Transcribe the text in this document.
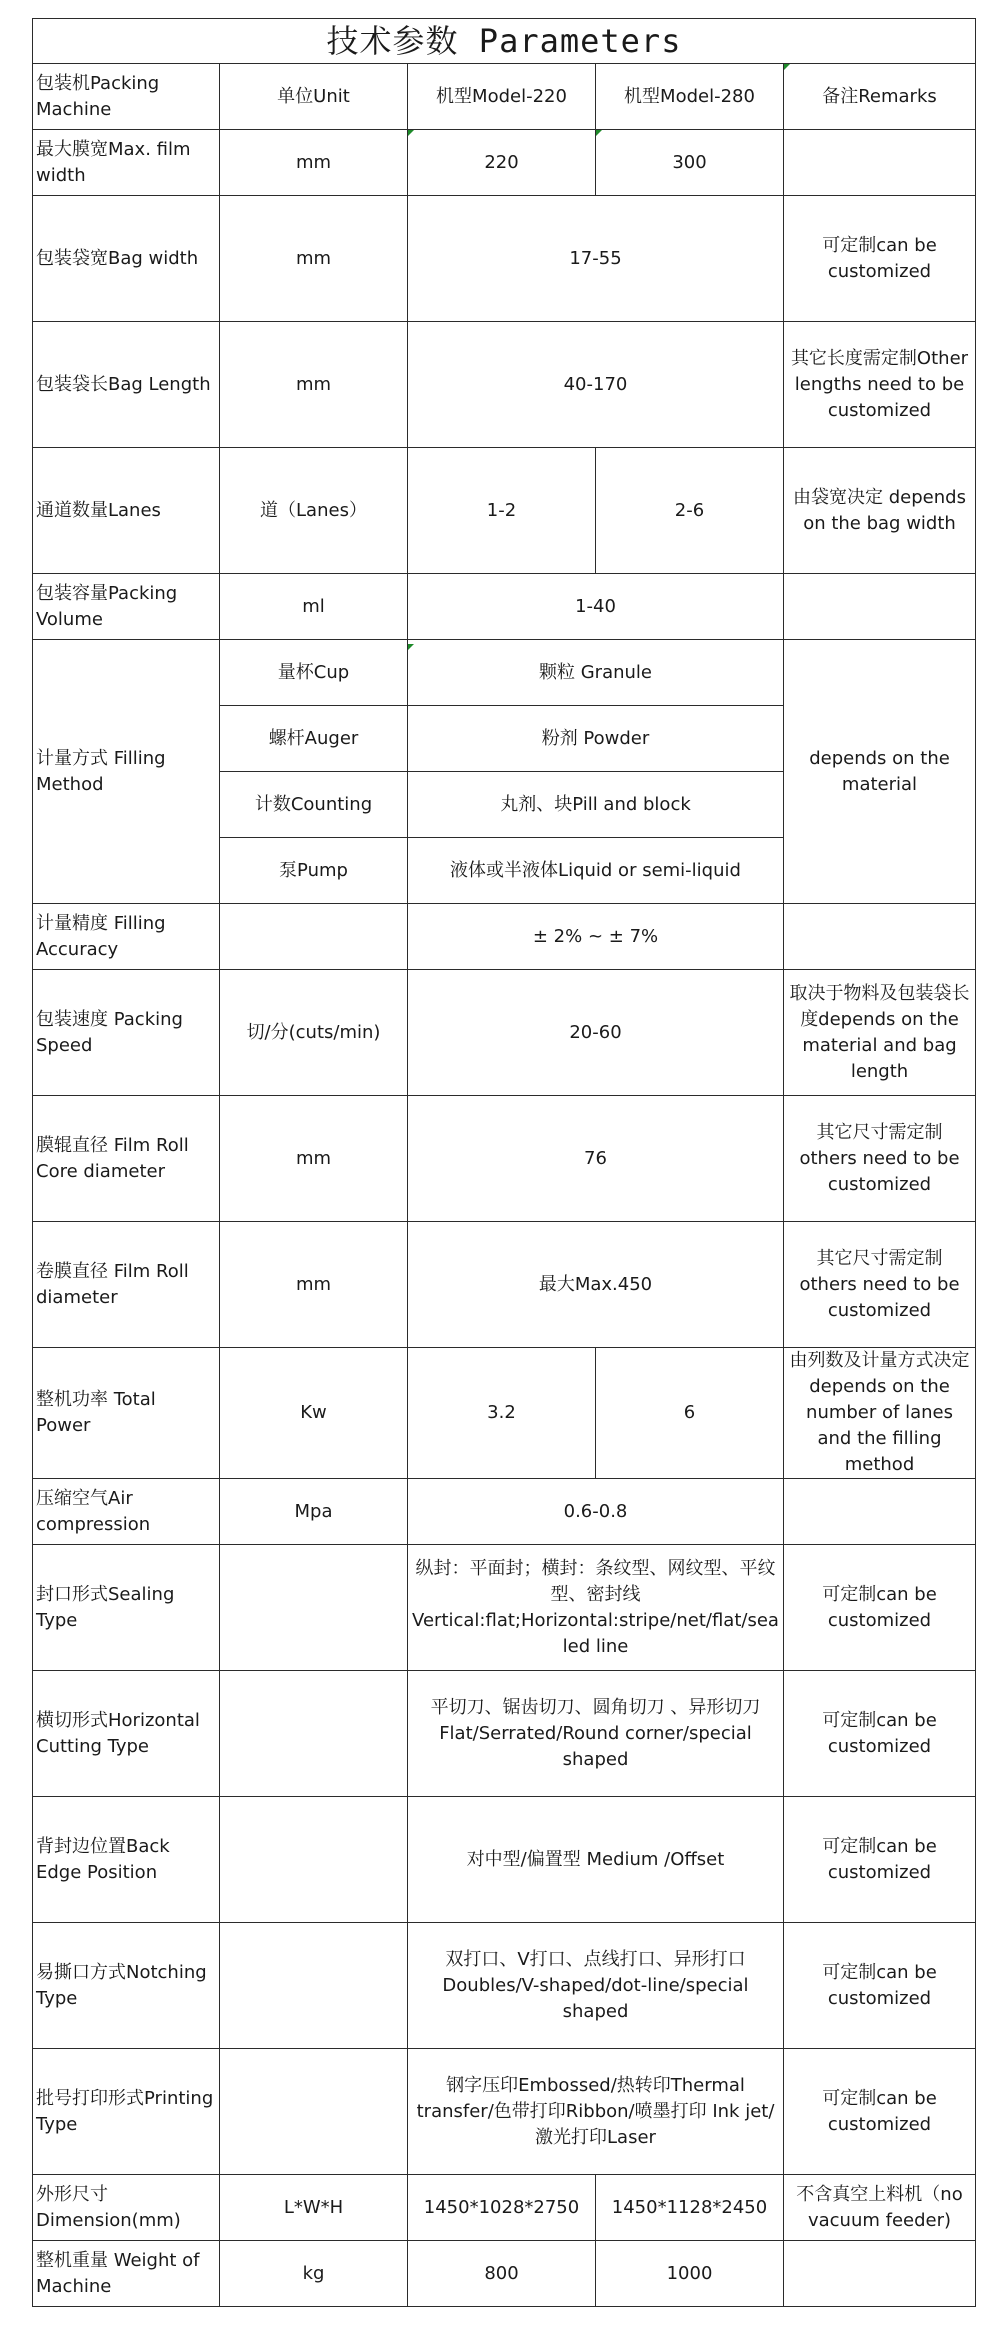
技术参数 Parameters				
包装机Packing Machine	单位Unit	机型Model-220	机型Model-280	备注Remarks
最大膜宽Max. film width	mm	220	300	
包装袋宽Bag width	mm	17-55		可定制can be customized
包装袋长Bag Length	mm	40-170		其它长度需定制Other lengths need to be customized
通道数量Lanes	道（Lanes）	1-2	2-6	由袋宽决定 depends on the bag width
包装容量Packing Volume	ml	1-40		
计量方式 Filling Method	量杯Cup	颗粒 Granule		depends on the material
	螺杆Auger	粉剂 Powder		
	计数Counting	丸剂、块Pill and block		
	泵Pump	液体或半液体Liquid or semi-liquid		
计量精度 Filling Accuracy		± 2% ~ ± 7%		
包装速度 Packing Speed	切/分(cuts/min)	20-60		取决于物料及包装袋长度depends on the material and bag length
膜辊直径 Film Roll Core diameter	mm	76		其它尺寸需定制 others need to be customized
卷膜直径 Film Roll diameter	mm	最大Max.450		其它尺寸需定制 others need to be customized
整机功率 Total Power	Kw	3.2	6	由列数及计量方式决定depends on the number of lanes and the filling method
压缩空气Air compression	Mpa	0.6-0.8		
封口形式Sealing Type		纵封：平面封；横封：条纹型、网纹型、平纹型、密封线Vertical:flat;Horizontal:stripe/net/flat/sealed line		可定制can be customized
横切形式Horizontal Cutting Type		平切刀、锯齿切刀、圆角切刀 、异形切刀Flat/Serrated/Round corner/special shaped		可定制can be customized
背封边位置Back Edge Position		对中型/偏置型 Medium /Offset		可定制can be customized
易撕口方式Notching Type		双打口、V打口、点线打口、异形打口Doubles/V-shaped/dot-line/special shaped		可定制can be customized
批号打印形式Printing Type		钢字压印Embossed/热转印Thermal transfer/色带打印Ribbon/喷墨打印 Ink jet/激光打印Laser		可定制can be customized
外形尺寸Dimension(mm)	L*W*H	1450*1028*2750	1450*1128*2450	不含真空上料机（no vacuum feeder)
整机重量 Weight of Machine	kg	800	1000	
